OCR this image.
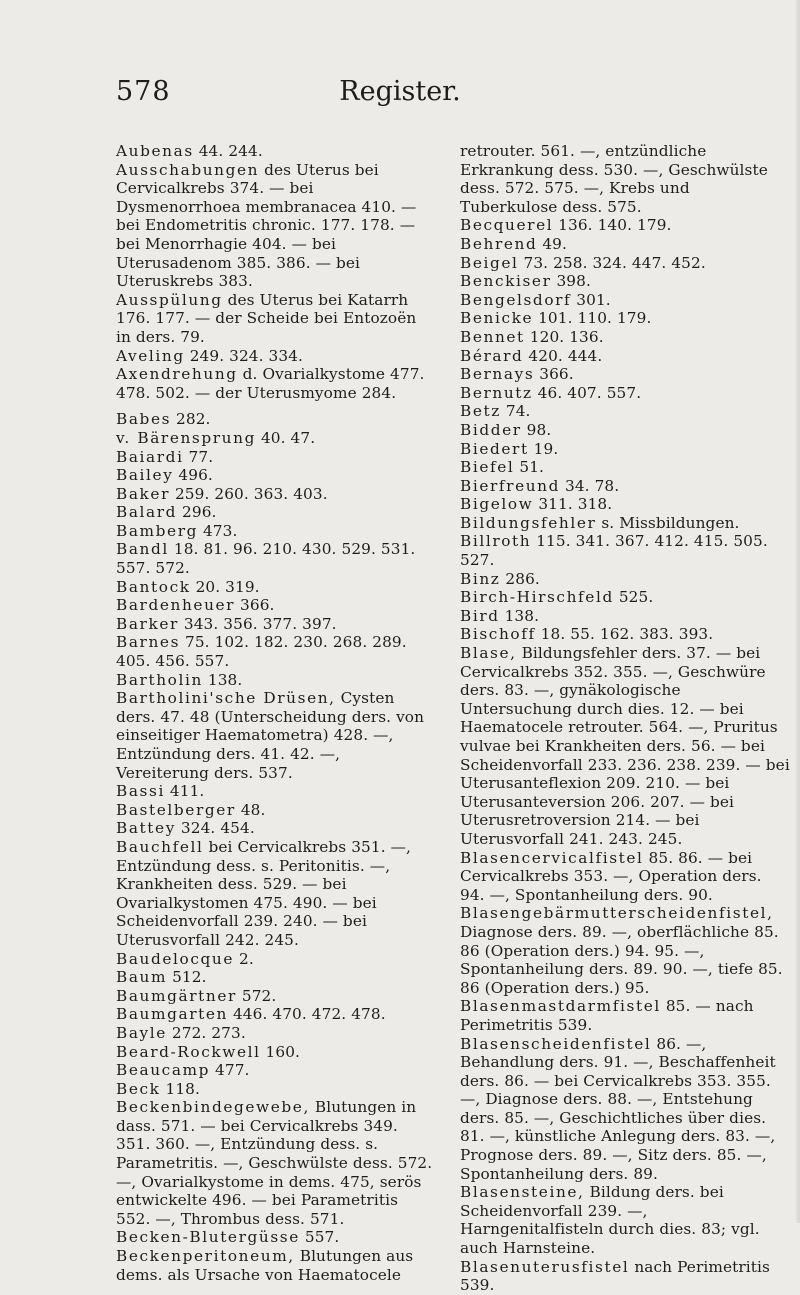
578	Register.
Aubenas 44. 244.
Ausschabungen des Uterus bei Cervicalkrebs 374. — bei Dysmenorrhoea membranacea 410. — bei Endometritis chronic. 177. 178. — bei Menorrhagie 404. — bei Uterusadenom 385. 386. — bei Uteruskrebs 383.
Ausspülung des Uterus bei Katarrh 176. 177. — der Scheide bei Entozoën in ders. 79.
Aveling 249. 324. 334.
Axendrehung d. Ovarialkystome 477. 478. 502. — der Uterusmyome 284.
Babes 282.
v. Bärensprung 40. 47.
Baiardi 77.
Bailey 496.
Baker 259. 260. 363. 403.
Balard 296.
Bamberg 473.
Bandl 18. 81. 96. 210. 430. 529. 531. 557. 572.
Bantock 20. 319.
Bardenheuer 366.
Barker 343. 356. 377. 397.
Barnes 75. 102. 182. 230. 268. 289. 405. 456. 557.
Bartholin 138.
Bartholini'sche Drüsen, Cysten ders. 47. 48 (Unterscheidung ders. von einseitiger Haematometra) 428. —, Entzündung ders. 41. 42. —, Vereiterung ders. 537.
Bassi 411.
Bastelberger 48.
Battey 324. 454.
Bauchfell bei Cervicalkrebs 351. —, Entzündung dess. s. Peritonitis. —, Krankheiten dess. 529. — bei Ovarialkystomen 475. 490. — bei Scheidenvorfall 239. 240. — bei Uterusvorfall 242. 245.
Baudelocque 2.
Baum 512.
Baumgärtner 572.
Baumgarten 446. 470. 472. 478.
Bayle 272. 273.
Beard-Rockwell 160.
Beaucamp 477.
Beck 118.
Beckenbindegewebe, Blutungen in dass. 571. — bei Cervicalkrebs 349. 351. 360. —, Entzündung dess. s. Parametritis. —, Geschwülste dess. 572. —, Ovarialkystome in dems. 475, serös entwickelte 496. — bei Parametritis 552. —, Thrombus dess. 571.
Becken-Blutergüsse 557.
Beckenperitoneum, Blutungen aus dems. als Ursache von Haematocele
retrouter. 561. —, entzündliche Erkrankung dess. 530. —, Geschwülste dess. 572. 575. —, Krebs und Tuberkulose dess. 575.
Becquerel 136. 140. 179.
Behrend 49.
Beigel 73. 258. 324. 447. 452.
Benckiser 398.
Bengelsdorf 301.
Benicke 101. 110. 179.
Bennet 120. 136.
Bérard 420. 444.
Bernays 366.
Bernutz 46. 407. 557.
Betz 74.
Bidder 98.
Biedert 19.
Biefel 51.
Bierfreund 34. 78.
Bigelow 311. 318.
Bildungsfehler s. Missbildungen.
Billroth 115. 341. 367. 412. 415. 505. 527.
Binz 286.
Birch-Hirschfeld 525.
Bird 138.
Bischoff 18. 55. 162. 383. 393.
Blase, Bildungsfehler ders. 37. — bei Cervicalkrebs 352. 355. —, Geschwüre ders. 83. —, gynäkologische Untersuchung durch dies. 12. — bei Haematocele retrouter. 564. —, Pruritus vulvae bei Krankheiten ders. 56. — bei Scheidenvorfall 233. 236. 238. 239. — bei Uterusanteflexion 209. 210. — bei Uterusanteversion 206. 207. — bei Uterusretroversion 214. — bei Uterusvorfall 241. 243. 245.
Blasencervicalfistel 85. 86. — bei Cervicalkrebs 353. —, Operation ders. 94. —, Spontanheilung ders. 90.
Blasengebärmutterscheidenfistel, Diagnose ders. 89. —, oberflächliche 85. 86 (Operation ders.) 94. 95. —, Spontanheilung ders. 89. 90. —, tiefe 85. 86 (Operation ders.) 95.
Blasenmastdarmfistel 85. — nach Perimetritis 539.
Blasenscheidenfistel 86. —, Behandlung ders. 91. —, Beschaffenheit ders. 86. — bei Cervicalkrebs 353. 355. —, Diagnose ders. 88. —, Entstehung ders. 85. —, Geschichtliches über dies. 81. —, künstliche Anlegung ders. 83. —, Prognose ders. 89. —, Sitz ders. 85. —, Spontanheilung ders. 89.
Blasensteine, Bildung ders. bei Scheidenvorfall 239. —, Harngenitalfisteln durch dies. 83; vgl. auch Harnsteine.
Blasenuterusfistel nach Perimetritis 539.
